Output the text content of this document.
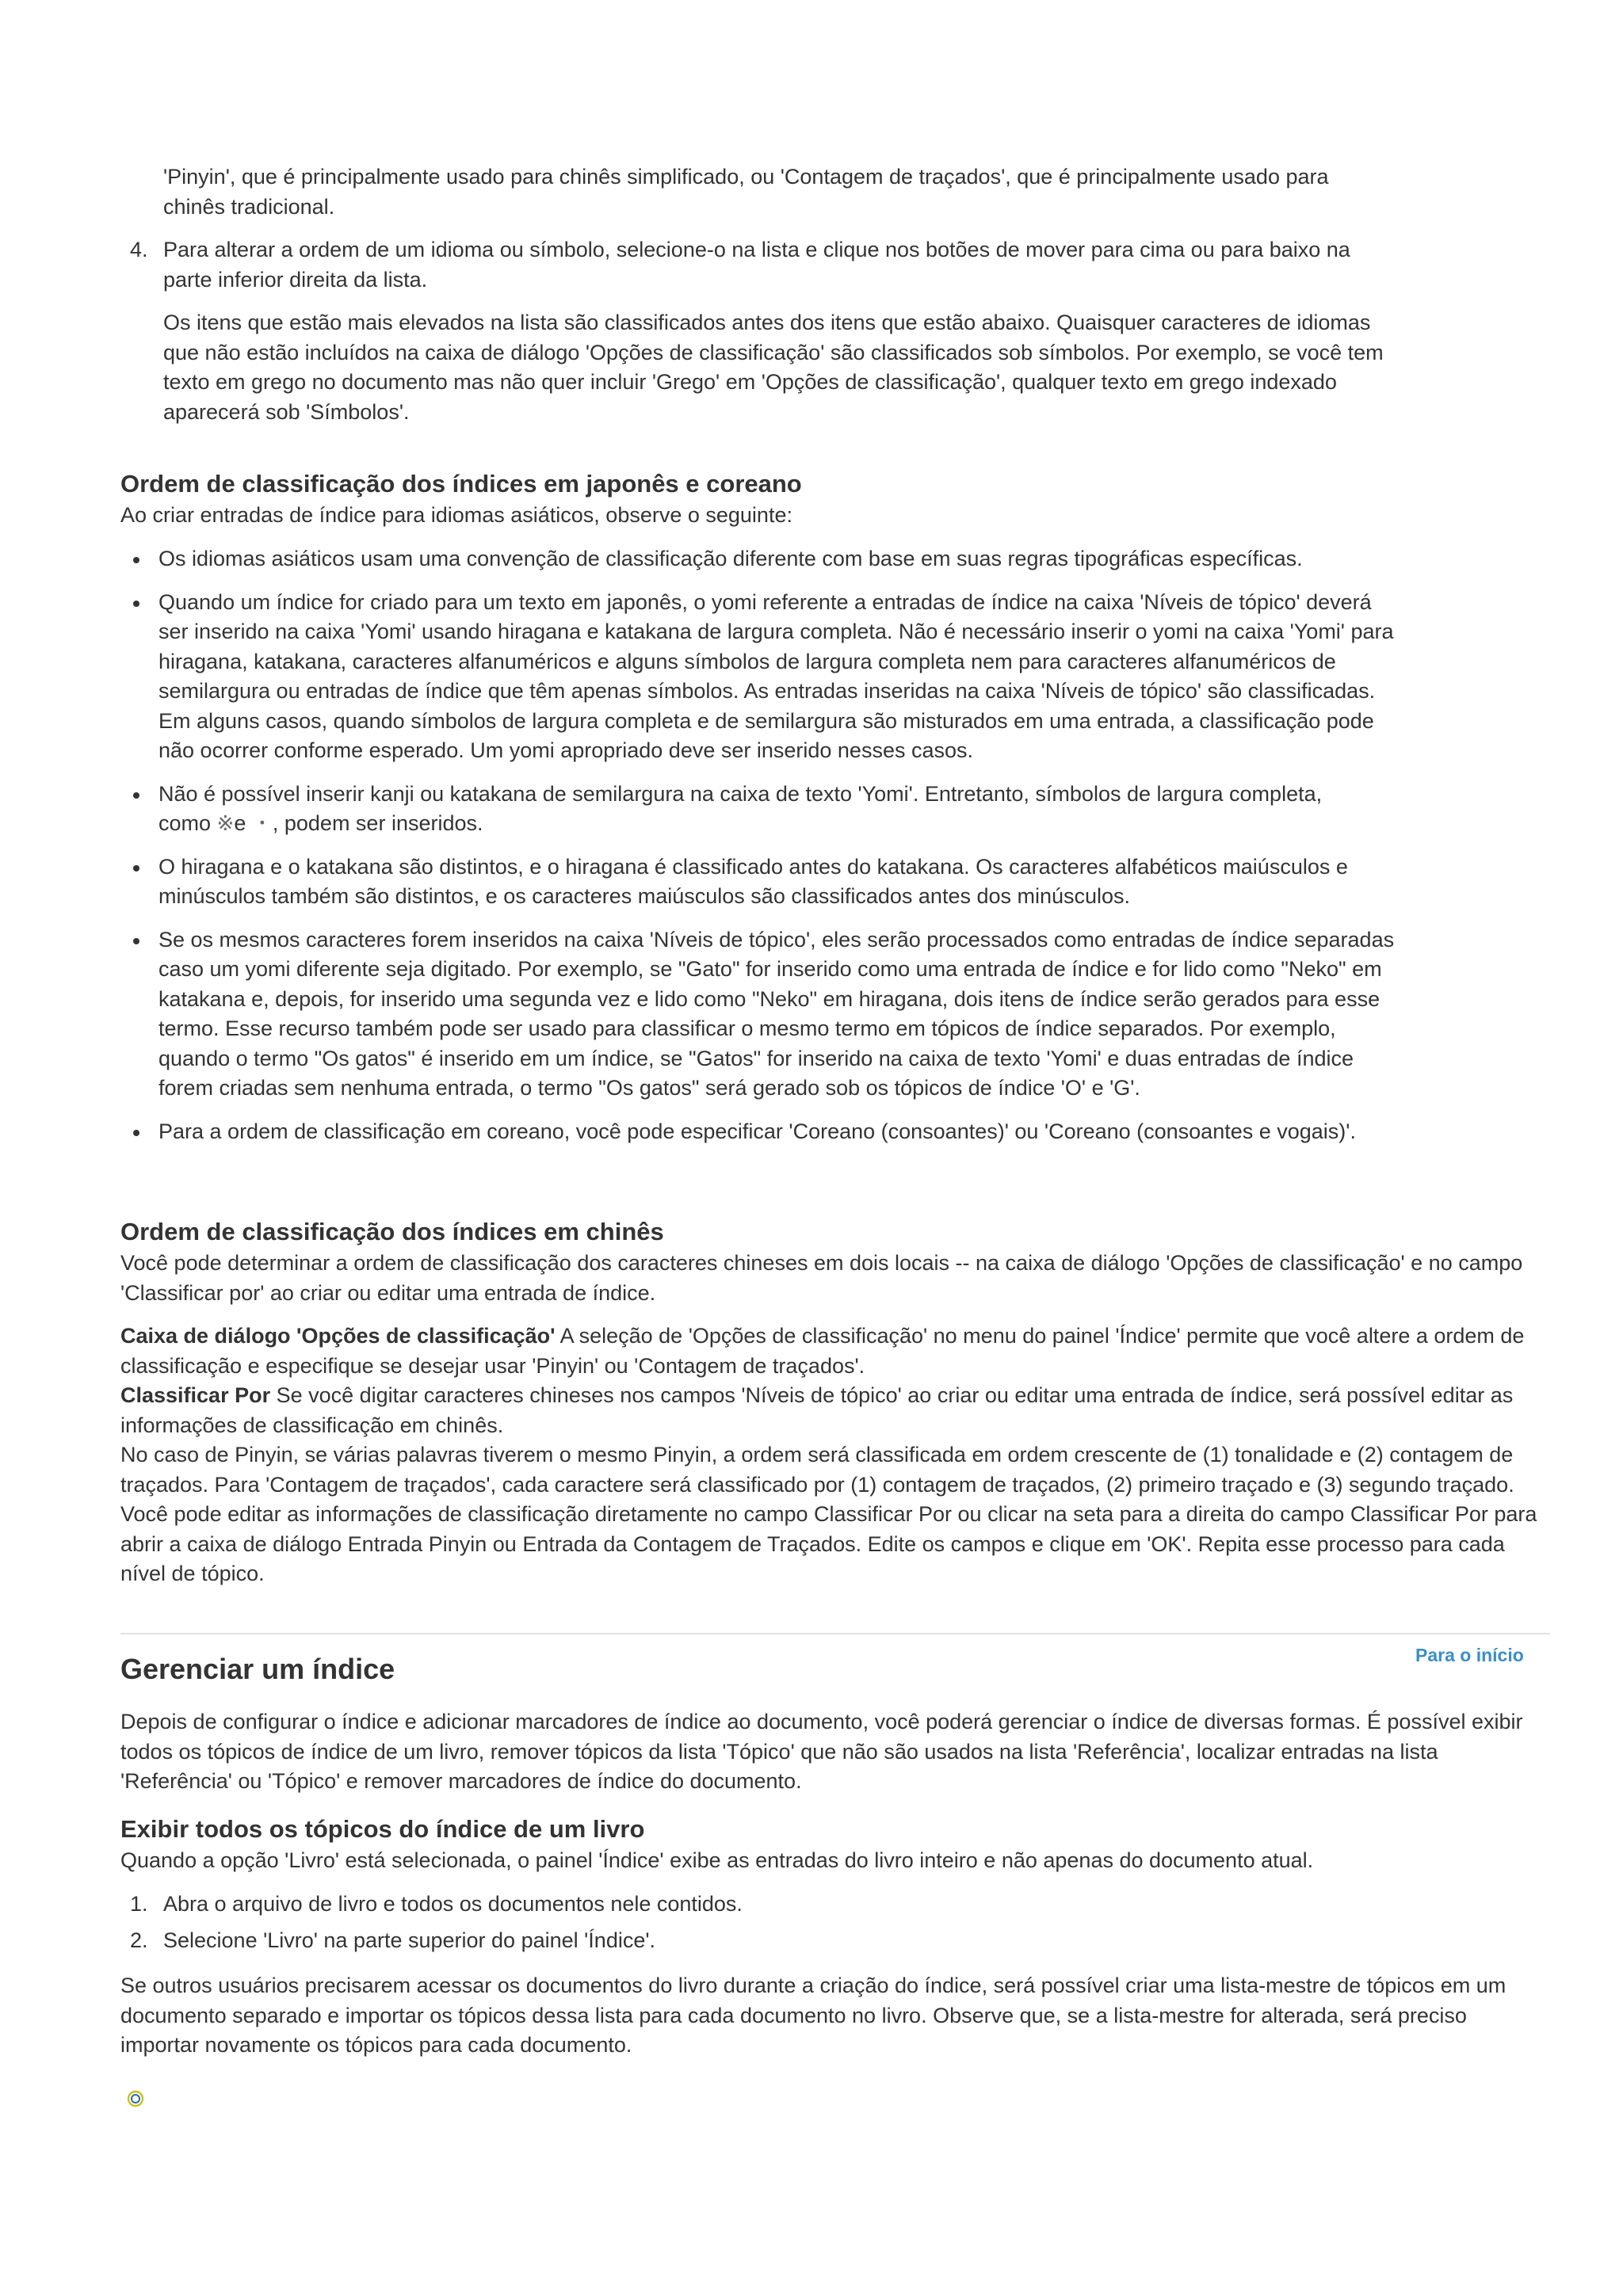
'Pinyin', que é principalmente usado para chinês simplificado, ou 'Contagem de traçados', que é principalmente usado para

chinês tradicional.

4. Para alterar a ordem de um idioma ou símbolo, selecione-o na lista e clique nos botões de mover para cima ou para baixo na parte inferior direita da lista.

Os itens que estão mais elevados na lista são classificados antes dos itens que estão abaixo. Quaisquer caracteres de idiomas que não estão incluídos na caixa de diálogo 'Opções de classificação' são classificados sob símbolos. Por exemplo, se você tem texto em grego no documento mas não quer incluir 'Grego' em 'Opções de classificação', qualquer texto em grego indexado aparecerá sob 'Símbolos'.

Ordem de classificação dos índices em japonês e coreano

Ao criar entradas de índice para idiomas asiáticos, observe o seguinte:

Os idiomas asiáticos usam uma convenção de classificação diferente com base em suas regras tipográficas específicas.

Quando um índice for criado para um texto em japonês, o yomi referente a entradas de índice na caixa 'Níveis de tópico' deverá ser inserido na caixa 'Yomi' usando hiragana e katakana de largura completa. Não é necessário inserir o yomi na caixa 'Yomi' para hiragana, katakana, caracteres alfanuméricos e alguns símbolos de largura completa nem para caracteres alfanuméricos de semilargura ou entradas de índice que têm apenas símbolos. As entradas inseridas na caixa 'Níveis de tópico' são classificadas. Em alguns casos, quando símbolos de largura completa e de semilargura são misturados em uma entrada, a classificação pode não ocorrer conforme esperado. Um yomi apropriado deve ser inserido nesses casos.

Não é possível inserir kanji ou katakana de semilargura na caixa de texto 'Yomi'. Entretanto, símbolos de largura completa,
como ※e ・, podem ser inseridos.

O hiragana e o katakana são distintos, e o hiragana é classificado antes do katakana. Os caracteres alfabéticos maiúsculos e minúsculos também são distintos, e os caracteres maiúsculos são classificados antes dos minúsculos.

Se os mesmos caracteres forem inseridos na caixa 'Níveis de tópico', eles serão processados como entradas de índice separadas caso um yomi diferente seja digitado. Por exemplo, se "Gato" for inserido como uma entrada de índice e for lido como "Neko" em katakana e, depois, for inserido uma segunda vez e lido como "Neko" em hiragana, dois itens de índice serão gerados para esse termo. Esse recurso também pode ser usado para classificar o mesmo termo em tópicos de índice separados. Por exemplo, quando o termo "Os gatos" é inserido em um índice, se "Gatos" for inserido na caixa de texto 'Yomi' e duas entradas de índice forem criadas sem nenhuma entrada, o termo "Os gatos" será gerado sob os tópicos de índice 'O' e 'G'.

Para a ordem de classificação em coreano, você pode especificar 'Coreano (consoantes)' ou 'Coreano (consoantes e vogais)'.

Ordem de classificação dos índices em chinês

Você pode determinar a ordem de classificação dos caracteres chineses em dois locais -- na caixa de diálogo 'Opções de classificação' e no campo 'Classificar por' ao criar ou editar uma entrada de índice.

Caixa de diálogo 'Opções de classificação' A seleção de 'Opções de classificação' no menu do painel 'Índice' permite que você altere a ordem de classificação e especifique se desejar usar 'Pinyin' ou 'Contagem de traçados'.

Classificar Por Se você digitar caracteres chineses nos campos 'Níveis de tópico' ao criar ou editar uma entrada de índice, será possível editar as informações de classificação em chinês.

No caso de Pinyin, se várias palavras tiverem o mesmo Pinyin, a ordem será classificada em ordem crescente de (1) tonalidade e (2) contagem de traçados. Para 'Contagem de traçados', cada caractere será classificado por (1) contagem de traçados, (2) primeiro traçado e (3) segundo traçado. Você pode editar as informações de classificação diretamente no campo Classificar Por ou clicar na seta para a direita do campo Classificar Por para abrir a caixa de diálogo Entrada Pinyin ou Entrada da Contagem de Traçados. Edite os campos e clique em 'OK'. Repita esse processo para cada nível de tópico.

Para o início
Gerenciar um índice

Depois de configurar o índice e adicionar marcadores de índice ao documento, você poderá gerenciar o índice de diversas formas. É possível exibir todos os tópicos de índice de um livro, remover tópicos da lista 'Tópico' que não são usados na lista 'Referência', localizar entradas na lista 'Referência' ou 'Tópico' e remover marcadores de índice do documento.

Exibir todos os tópicos do índice de um livro

Quando a opção 'Livro' está selecionada, o painel 'Índice' exibe as entradas do livro inteiro e não apenas do documento atual.

1. Abra o arquivo de livro e todos os documentos nele contidos.

2. Selecione 'Livro' na parte superior do painel 'Índice'.

Se outros usuários precisarem acessar os documentos do livro durante a criação do índice, será possível criar uma lista-mestre de tópicos em um documento separado e importar os tópicos dessa lista para cada documento no livro. Observe que, se a lista-mestre for alterada, será preciso importar novamente os tópicos para cada documento.
